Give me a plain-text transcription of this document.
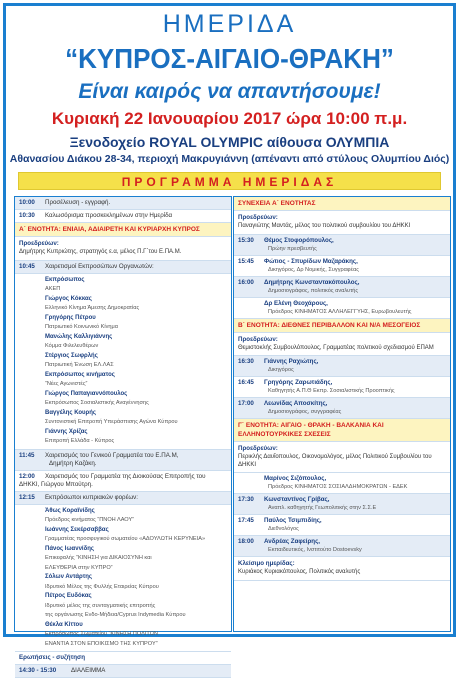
ΗΜΕΡΙΔΑ
“ΚΥΠΡΟΣ-ΑΙΓΑΙΟ-ΘΡΑΚΗ”
Είναι καιρός να απαντήσουμε!
Κυριακή 22 Ιανουαρίου 2017 ώρα 10:00 π.μ.
Ξενοδοχείο ROYAL OLYMPIC αίθουσα ΟΛΥΜΠΙΑ
Αθανασίου Διάκου 28-34, περιοχή Μακρυγιάννη (απέναντι από στύλους Ολυμπίου Διός)
ΠΡΟΓΡΑΜΜΑ ΗΜΕΡΙΔΑΣ
10:00 Προσέλευση - εγγραφή.
10:30 Καλωσόρισμα προσκεκλημένων στην Ημερίδα
Α΄ ΕΝΟΤΗΤΑ: ΕΝΙΑΙΑ, ΑΔΙΑΙΡΕΤΗ ΚΑΙ ΚΥΡΙΑΡΧΗ ΚΥΠΡΟΣ
Προεδρεύων:
Δημήτρης Κυπριώτης, στρατηγός ε.α, μέλος Π.Γ΄του Ε.ΠΑ.Μ.
10:45 Χαιρετισμοί Εκπροσώπων Οργανωτών:
Εκπρόσωπος
ΑΚΕΠ
Γιώργος Κόκκας
Ελληνικό Κίνημα Άμεσης Δημοκρατίας
Γρηγόρης Πέτρου
Πατριωτικό Κοινωνικό Κίνημα
Μανώλης Καλλιγιάννης
Κόμμα Φιλελευθέρων
Στέργιος Σωφρλής
Πατριωτική Ένωση ΕΛ.ΛΑΣ
Εκπρόσωπος κινήματος
“Νέες Αγωνιστές”
Γιώργος Παπαγιαννόπουλος
Εκπρόσωπος Σοσιαλιστικής Αναγέννησης
Βαγγέλης Κουρής
Συντονιστική Επιτροπή Υπεράσπισης Αγώνα Κύπρου
Γιάννης Χρίζας
Επιτροπή Ελλάδα - Κύπρος
11:45 Χαιρετισμός του Γενικού Γραμματέα του Ε.ΠΑ.Μ,
Δημήτρη Καζάκη.
12:00 Χαιρετισμός του Γραμματέα της Διοικούσας Επιτροπής του ΔΗΚΚΙ, Γιώργου Μπούτρη.
12:15 Εκπρόσωποι κυπριακών φορέων:
Άθως Κοραϊνίδης
Πρόεδρος κινήματος “ΠΝΟΗ ΛΑΟΥ”
Ιωάννης Σεκέρσαββας
Γραμματέας προσφυγικού σωματείου «ΑΔΟΥΛΩΤΗ ΚΕΡΥΝΕΙΑ»
Πάνος Ιωαννίδης
Επικεφαλής “ΚΙΝΗΣΗ για ΔΙΚΑΙΟΣΥΝΗ και
ΕΛΕΥΘΕΡΙΑ στην ΚΥΠΡΟ”
Σόλων Αντάρτης
Ιδρυτικό Μέλος της Φυλλής Εταιρείας Κύπρου
Πέτρος Ευδόκας
Ιδρυτικό μέλος της συνταγματικής επιτροπής
της οργάνωσης Ενδο-Μήδεια/Cyprus Indymedia Κύπρου
Θέκλα Κίττου
Εκπρόσωπος Σωματείου “ΚΙΝΗΣΗ ΠΟΛΙΤΩΝ
ΕΝΑΝΤΙΑ ΣΤΟΝ ΕΠΟΙΚΙΣΜΟ ΤΗΣ ΚΥΠΡΟΥ”
Ερωτήσεις - συζήτηση
14:30 - 15:30 ΔΙΑΛΕΙΜΜΑ
ΣΥΝΕΧΕΙΑ Α΄ ΕΝΟΤΗΤΑΣ
Προεδρεύων:
Παναγιώτης Μαντάς, μέλος του πολιτικού συμβουλίου του ΔΗΚΚΙ
15:30 Θέμος Στοφορόπουλος,
Πρώην πρεσβευτής
15:45 Φώτιος - Σπυρίδων Μαζαράκης,
Δικηγόρος, Δρ Νομικής, Συγγραφέας
16:00 Δημήτρης Κωνσταντακόπουλος,
Δημοσιογράφος, πολιτικός αναλυτής
Δρ Ελένη Θεοχάρους,
Πρόεδρος ΚΙΝΗΜΑΤΟΣ ΑΛΛΗΛΕΓΓΥΗΣ, Ευρωβουλευτής
Β΄ ΕΝΟΤΗΤΑ: ΔΙΕΘΝΕΣ ΠΕΡΙΒΑΛΛΟΝ ΚΑΙ Ν/Α ΜΕΣΟΓΕΙΟΣ
Προεδρεύων:
Θεμιστοκλής Συμβουλόπουλος, Γραμματέας πολιτικού σχεδιασμού ΕΠΑΜ
16:30 Γιάννης Ραχιώτης,
Δικηγόρος
16:45 Γρηγόρης Ζαρωτιάδης,
Καθηγητής Α.Π.Θ Εκπρ. Σοσιαλιστικής Προοπτικής
17:00 Λεωνίδας Αποσκίτης,
Δημοσιογράφος, συγγραφέας
Γ΄ ΕΝΟΤΗΤΑ: ΑΙΓΑΙΟ - ΘΡΑΚΗ - ΒΑΛΚΑΝΙΑ ΚΑΙ ΕΛΛΗΝΟΤΟΥΡΚΙΚΕΣ ΣΧΕΣΕΙΣ
Προεδρεύων:
Περικλής Δαυΐοπουλος, Οικονομολόγος, μέλος Πολιτικού Συμβουλίου του ΔΗΚΚΙ
Μαρίνος Σιζόπουλος,
Πρόεδρος ΚΙΝΗΜΑΤΟΣ ΣΟΣΙΑΛΔΗΜΟΚΡΑΤΩΝ - ΕΔΕΚ
17:30 Κωνσταντίνος Γρίβας,
Αναπλ. καθηγητής Γεωπολιτικής στην Σ.Σ.Ε
17:45 Παύλος Τσιμπιδίης,
Διεθνολόγος
18:00 Ανδρέας Ζαφείρης,
Εκπαιδευτικός, Ινστιτούτο Dostoevsky
Κλείσιμο ημερίδας:
Κυριάκος Κυριακόπουλος, Πολιτικός αναλυτής
